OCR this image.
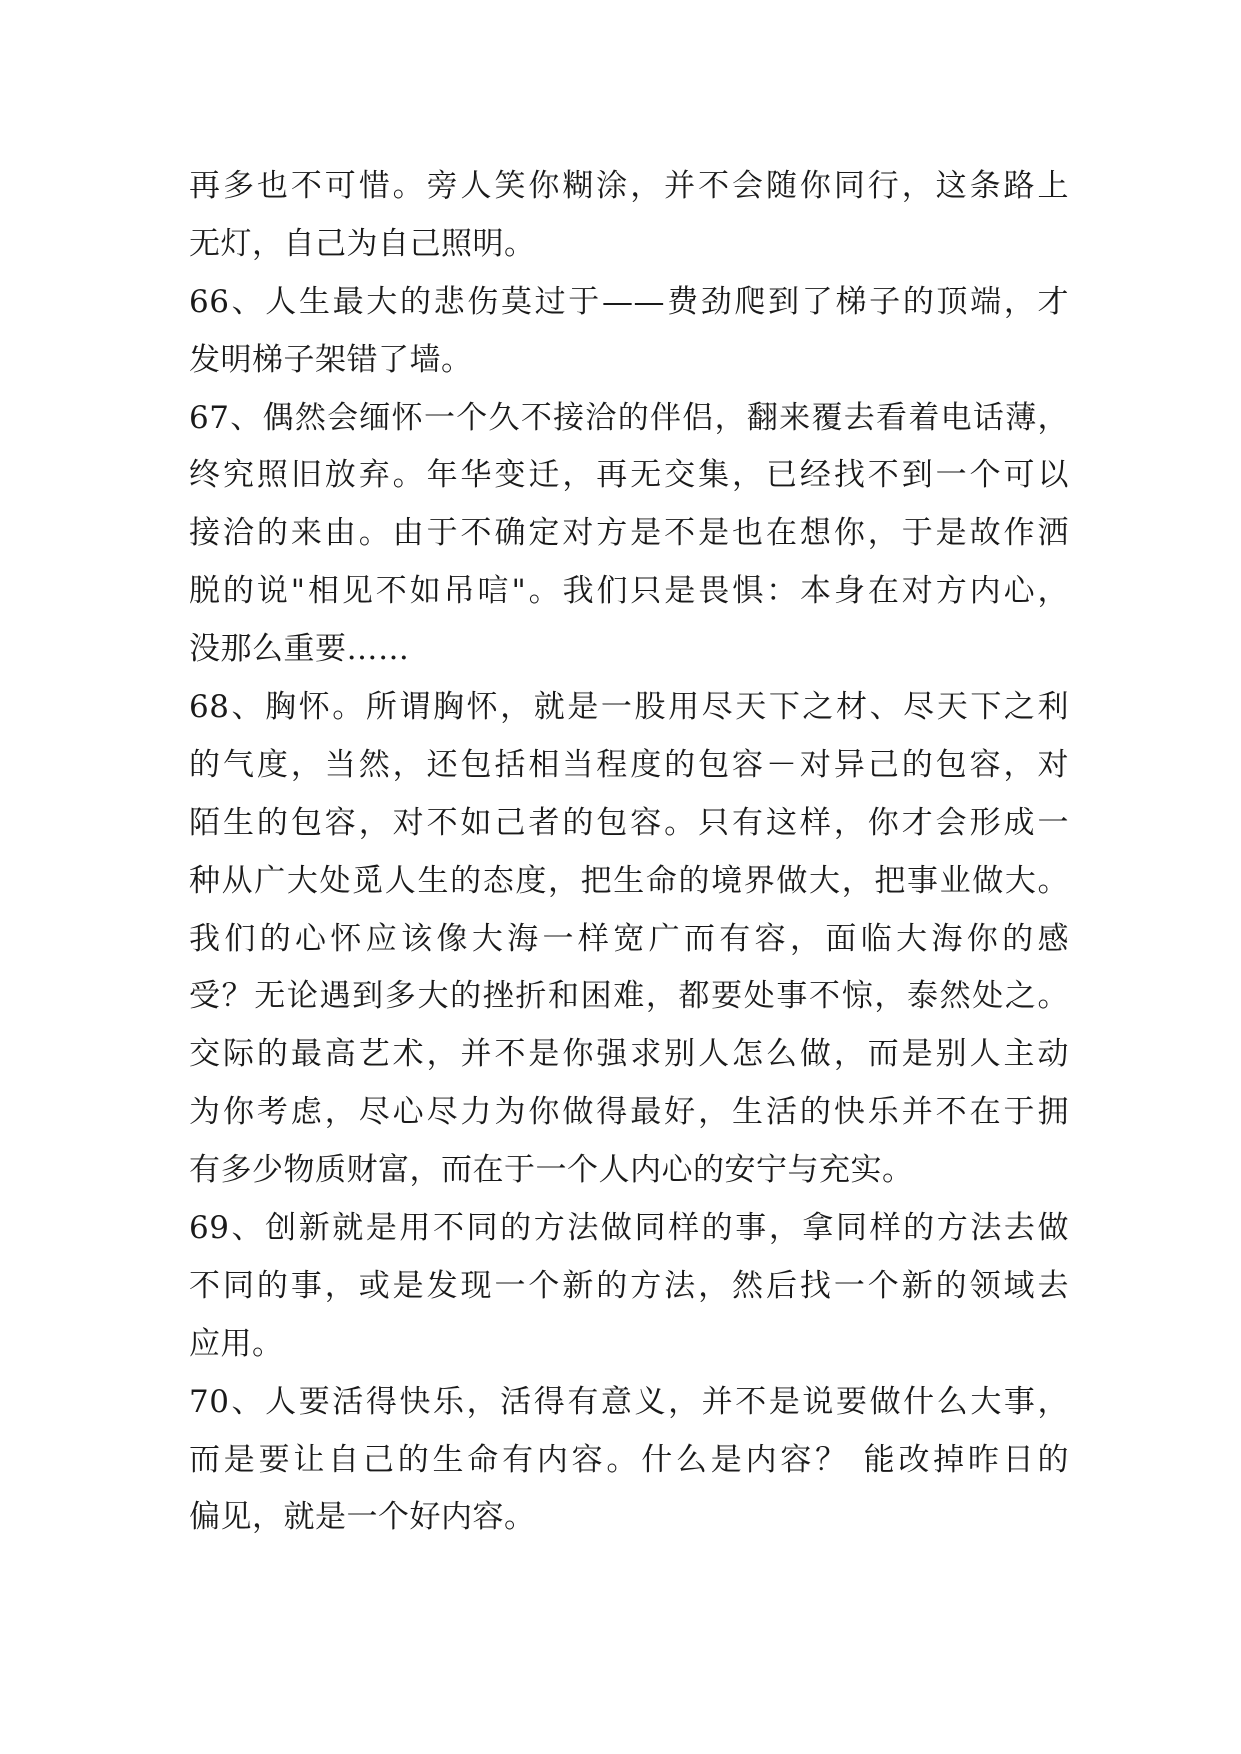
再多也不可惜。旁人笑你糊涂，并不会随你同行，这条路上
无灯，自己为自己照明。
66、人生最大的悲伤莫过于——费劲爬到了梯子的顶端，才
发明梯子架错了墙。
67、偶然会缅怀一个久不接洽的伴侣，翻来覆去看着电话薄，
终究照旧放弃。年华变迁，再无交集，已经找不到一个可以
接洽的来由。由于不确定对方是不是也在想你，于是故作洒
脱的说"相见不如吊唁"。我们只是畏惧：本身在对方内心，
没那么重要……
68、胸怀。所谓胸怀，就是一股用尽天下之材、尽天下之利
的气度，当然，还包括相当程度的包容－对异己的包容，对
陌生的包容，对不如己者的包容。只有这样，你才会形成一
种从广大处觅人生的态度，把生命的境界做大，把事业做大。
我们的心怀应该像大海一样宽广而有容，面临大海你的感
受？无论遇到多大的挫折和困难，都要处事不惊，泰然处之。
交际的最高艺术，并不是你强求别人怎么做，而是别人主动
为你考虑，尽心尽力为你做得最好，生活的快乐并不在于拥
有多少物质财富，而在于一个人内心的安宁与充实。
69、创新就是用不同的方法做同样的事，拿同样的方法去做
不同的事，或是发现一个新的方法，然后找一个新的领域去
应用。
70、人要活得快乐，活得有意义，并不是说要做什么大事，
而是要让自己的生命有内容。什么是内容？ 能改掉昨日的
偏见，就是一个好内容。
